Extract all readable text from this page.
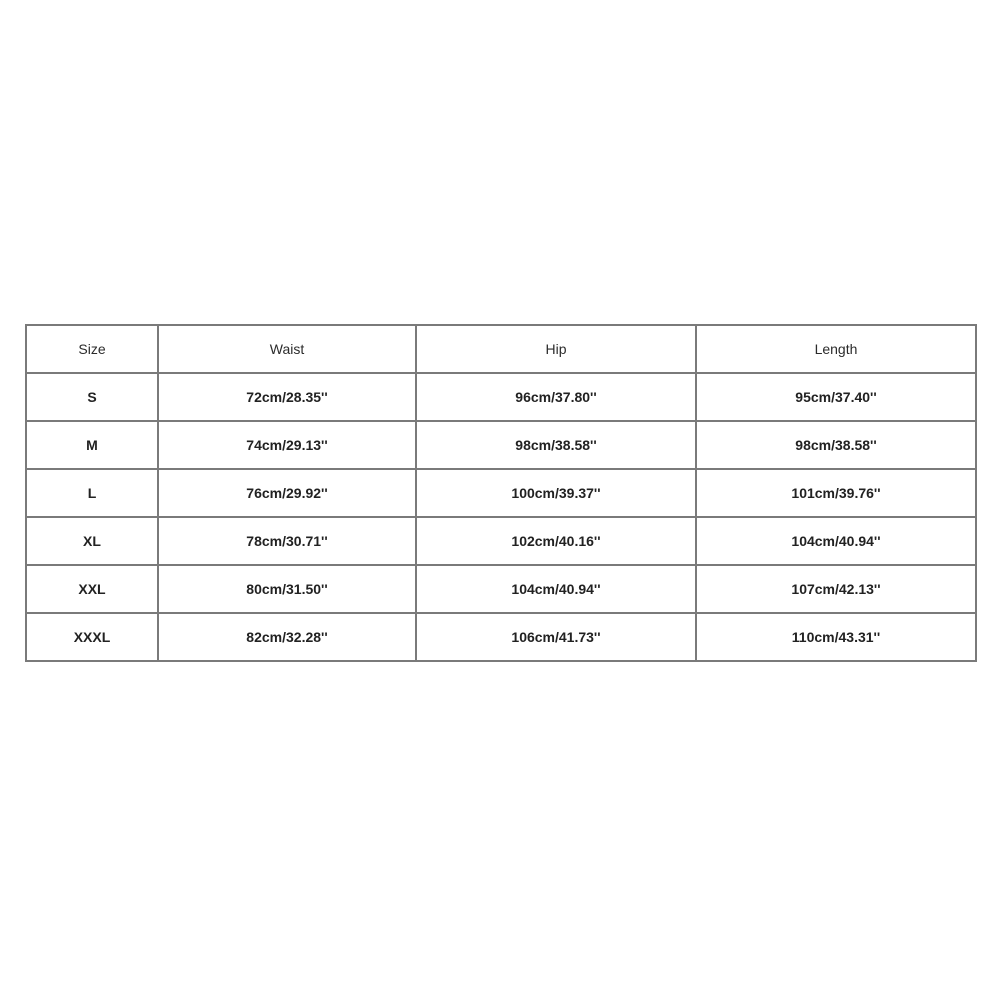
Size	Waist	Hip	Length
S	72cm/28.35''	96cm/37.80''	95cm/37.40''
M	74cm/29.13''	98cm/38.58''	98cm/38.58''
L	76cm/29.92''	100cm/39.37''	101cm/39.76''
XL	78cm/30.71''	102cm/40.16''	104cm/40.94''
XXL	80cm/31.50''	104cm/40.94''	107cm/42.13''
XXXL	82cm/32.28''	106cm/41.73''	110cm/43.31''
